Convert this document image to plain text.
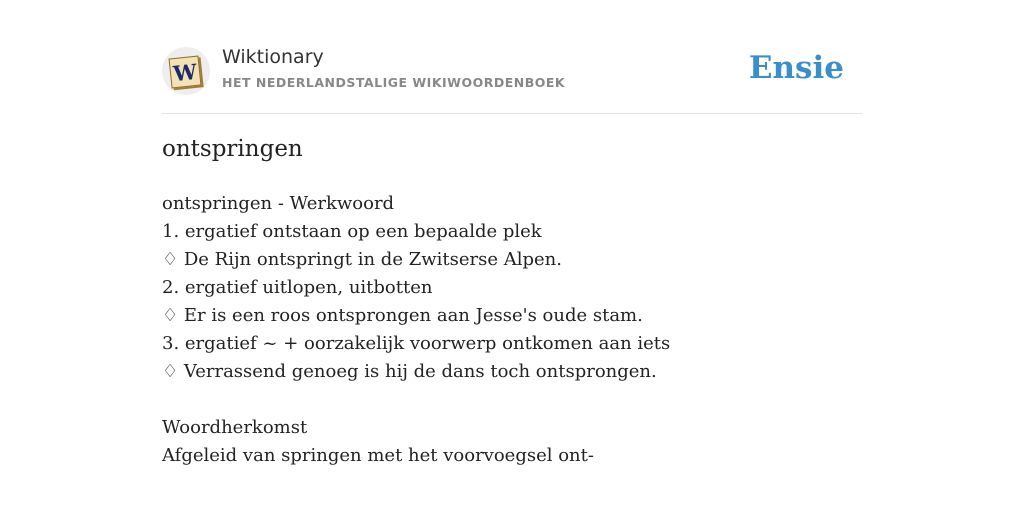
W
Wiktionary
HET NEDERLANDSTALIGE WIKIWOORDENBOEK	Ensie
ontspringen
ontspringen - Werkwoord
1. ergatief ontstaan op een bepaalde plek
♢ De Rijn ontspringt in de Zwitserse Alpen.
2. ergatief uitlopen, uitbotten
♢ Er is een roos ontsprongen aan Jesse's oude stam.
3. ergatief ~ + oorzakelijk voorwerp ontkomen aan iets
♢ Verrassend genoeg is hij de dans toch ontsprongen.
Woordherkomst
Afgeleid van springen met het voorvoegsel ont-
